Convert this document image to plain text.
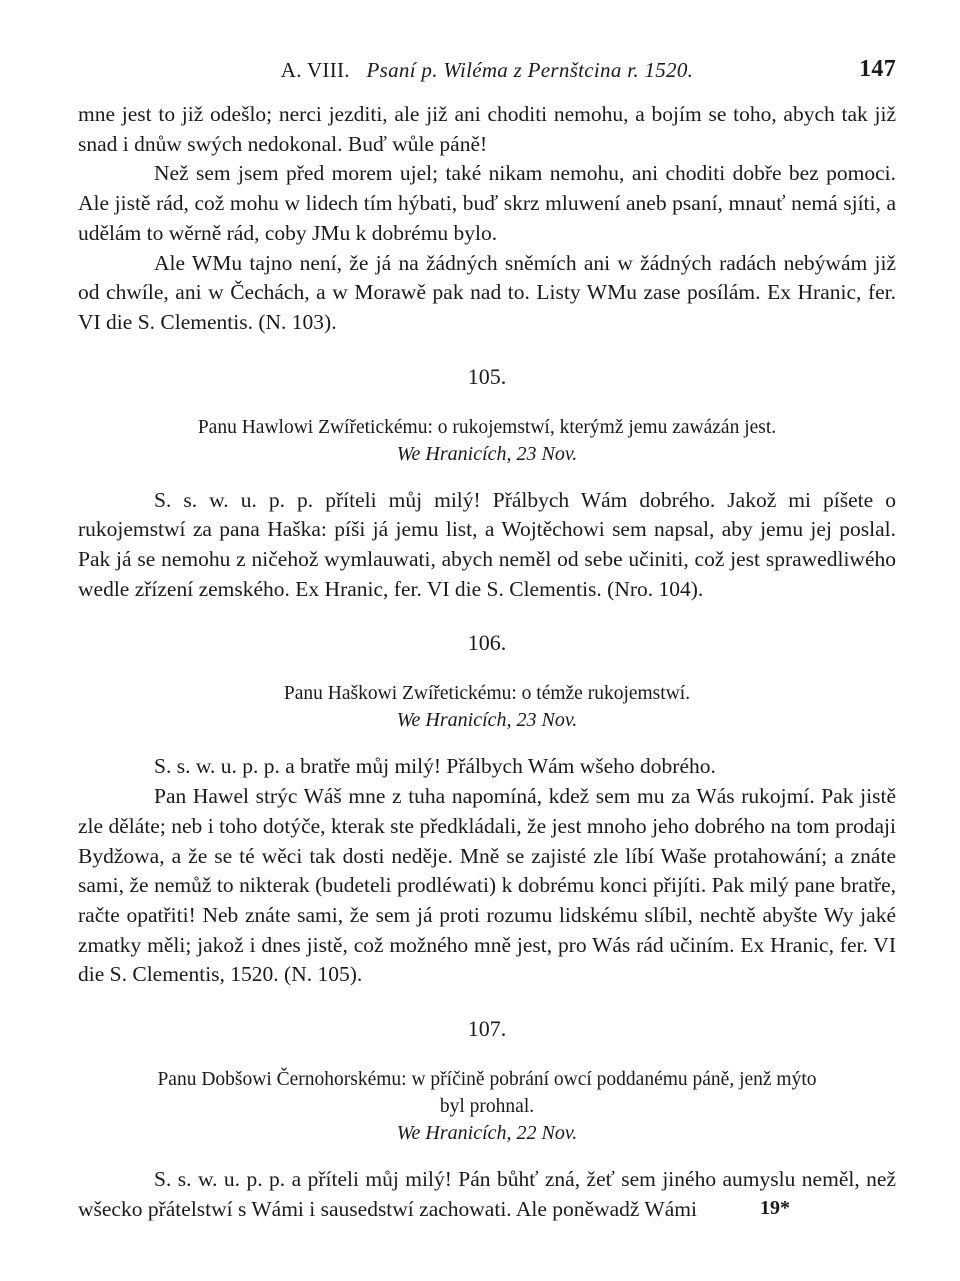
A. VIII. Psaní p. Wiléma z Pernštcina r. 1520.	147

mne jest to již odešlo; nerci jezditi, ale již ani choditi nemohu, a bojím se toho, abych tak již snad i dnůw swých nedokonal. Buď wůle páně!

Než sem jsem před morem ujel; také nikam nemohu, ani choditi dobře bez pomoci. Ale jistě rád, což mohu w lidech tím hýbati, buď skrz mluwení aneb psaní, mnauť nemá sjíti, a udělám to wěrně rád, coby JMu k dobrému bylo.

Ale WMu tajno není, že já na žádných sněmích ani w žádných radách nebýwám již od chwíle, ani w Čechách, a w Morawě pak nad to. Listy WMu zase posílám. Ex Hranic, fer. VI die S. Clementis. (N. 103).

105.

Panu Hawlowi Zwířetickému: o rukojemstwí, kterýmž jemu zawázán jest.

We Hranicích, 23 Nov.

S. s. w. u. p. p. příteli můj milý! Přálbych Wám dobrého. Jakož mi píšete o rukojemstwí za pana Haška: píši já jemu list, a Wojtěchowi sem napsal, aby jemu jej poslal. Pak já se nemohu z ničehož wymlauwati, abych neměl od sebe učiniti, což jest sprawedliwého wedle zřízení zemského. Ex Hranic, fer. VI die S. Clementis. (Nro. 104).

106.

Panu Haškowi Zwířetickému: o témže rukojemstwí.

We Hranicích, 23 Nov.

S. s. w. u. p. p. a bratře můj milý! Přálbych Wám wšeho dobrého.

Pan Hawel strýc Wáš mne z tuha napomíná, kdež sem mu za Wás rukojmí. Pak jistě zle děláte; neb i toho dotýče, kterak ste předkládali, že jest mnoho jeho dobrého na tom prodaji Bydžowa, a že se té wěci tak dosti neděje. Mně se zajisté zle líbí Waše protahowání; a znáte sami, že nemůž to nikterak (budeteli prodléwati) k dobrému konci přijíti. Pak milý pane bratře, račte opatřiti! Neb znáte sami, že sem já proti rozumu lidskému slíbil, nechtě abyšte Wy jaké zmatky měli; jakož i dnes jistě, což možného mně jest, pro Wás rád učiním. Ex Hranic, fer. VI die S. Clementis, 1520. (N. 105).

107.

Panu Dobšowi Černohorskému: w příčině pobrání owcí poddanému páně, jenž mýto

byl prohnal.

We Hranicích, 22 Nov.

S. s. w. u. p. p. a příteli můj milý! Pán bůhť zná, žeť sem jiného aumyslu neměl, než wšecko přátelstwí s Wámi i sausedstwí zachowati. Ale poněwadž Wámi	19*
